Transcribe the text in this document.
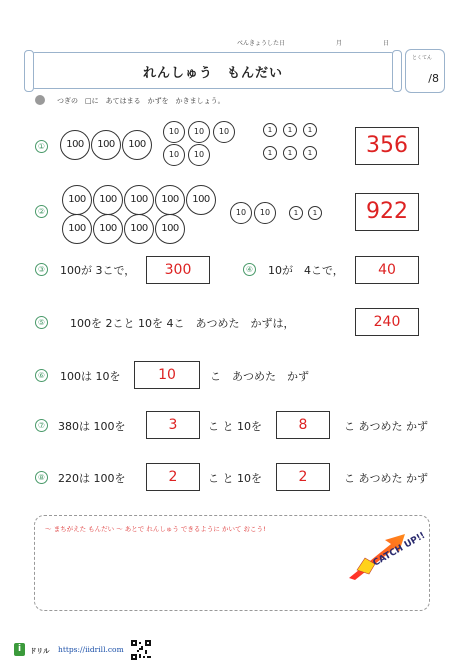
べんきょうした日	月	日
れんしゅう　もんだい
とくてん
/8
つぎの　□に　あてはまる　かずを　かきましょう。
①	100	100	100
10	10	10
10	10
1	1	1
1	1	1	356
②
100	100	100	100	100
100	100	100	100
10	10	1	1	922
③ 100が 3こで，	300	④ 10が　4こで，	40
⑤ 100を 2こと 10を 4こ　あつめた　かずは，	240
⑥ 100は 10を	10	こ　あつめた　かず
⑦ 380は 100を	3	こ と 10を	8	こ あつめた かず
⑧ 220は 100を	2	こ と 10を	2	こ あつめた かず
～ まちがえた もんだい ～ あとで れんしゅう できるように かいて おこう!
CATCH UP!!
i	ドリル https://iidrill.com
